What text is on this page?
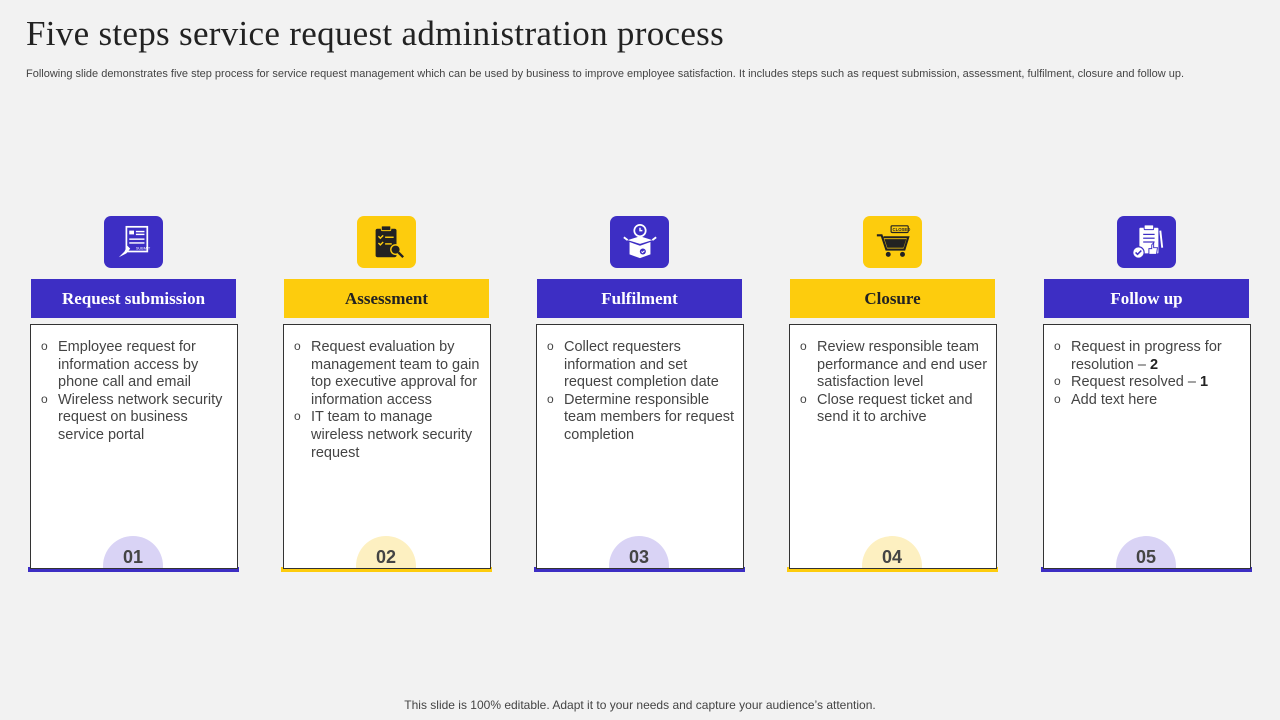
Five steps service request administration process

Following slide demonstrates five step process for service request management which can be used by business to improve employee satisfaction. It includes steps such as request submission, assessment, fulfilment, closure and follow up.

SUBMIT
Request submission
o Employee request for information access by phone call and email
o Wireless network security request on business service portal
01
Assessment
o Request evaluation by management team to gain top executive approval for information access
o IT team to manage wireless network security request
02
Fulfilment
o Collect requesters information and set request completion date
o Determine responsible team members for request completion
03
CLOSED
Closure
o Review responsible team performance and end user satisfaction level
o Close request ticket and send it to archive
04
Follow up
o Request in progress for resolution – 2
o Request resolved – 1
o Add text here
05
This slide is 100% editable. Adapt it to your needs and capture your audience’s attention.
